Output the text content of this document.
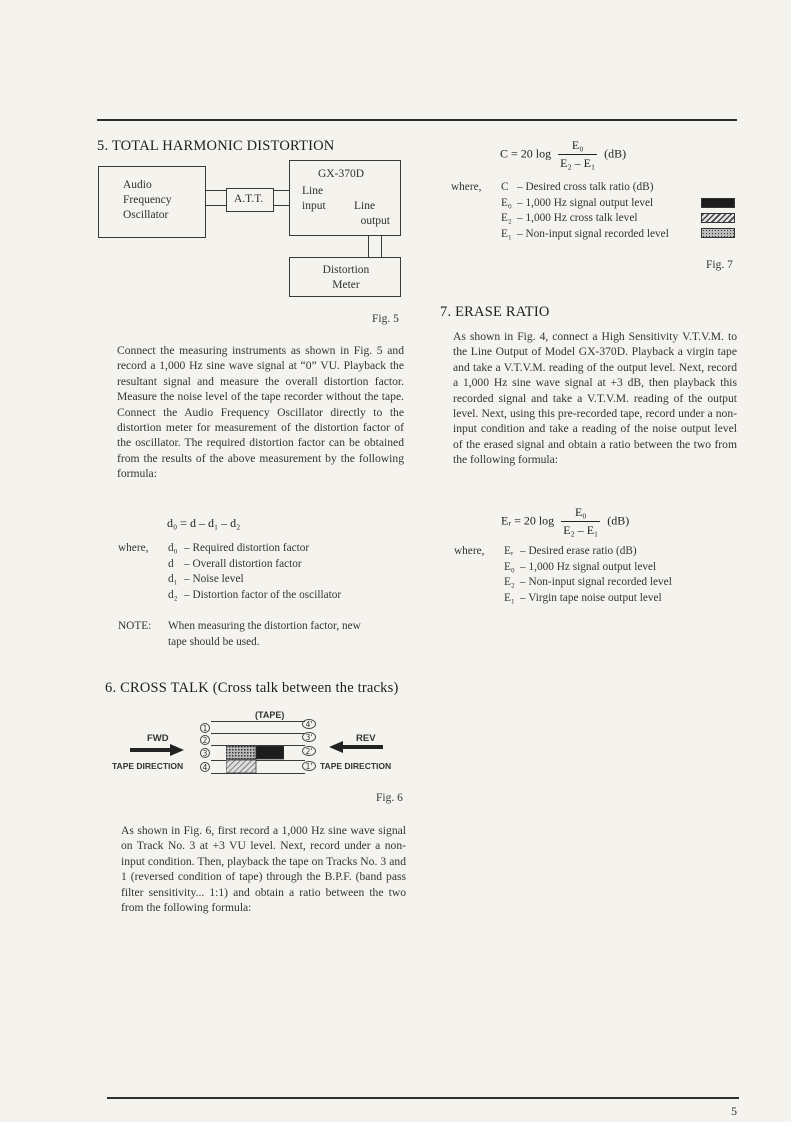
5. TOTAL HARMONIC DISTORTION
Audio
Frequency
Oscillator
A.T.T.
GX-370D
Line
input Line
output
Distortion
Meter
Fig. 5

Connect the measuring instruments as shown in Fig. 5 and record a 1,000 Hz sine wave signal at “0” VU. Playback the resultant signal and measure the overall distortion factor. Measure the noise level of the tape recorder without the tape. Connect the Audio Frequency Oscillator directly to the distortion meter for measurement of the distortion factor of the oscillator. The required distortion factor can be obtained from the results of the above measurement by the following formula:

d₀ = d – d₁ – d₂
where, d₀ – Required distortion factor
d – Overall distortion factor
d₁ – Noise level
d₂ – Distortion factor of the oscillator
NOTE: When measuring the distortion factor, new
tape should be used.
6. CROSS TALK (Cross talk between the tracks)
(TAPE)
1
2
3
4
4'
3'
2'
1'
FWD
TAPE DIRECTION
REV
TAPE DIRECTION
Fig. 6

As shown in Fig. 6, first record a 1,000 Hz sine wave signal on Track No. 3 at +3 VU level. Next, record under a non-input condition. Then, playback the tape on Tracks No. 3 and 1 (reversed condition of tape) through the B.P.F. (band pass filter sensitivity... 1:1) and obtain a ratio between the two from the following formula:

C = 20 $\log \frac{\text{E₀}}{\text{E₂ – E₁}} (dB)$
where, C – Desired cross talk ratio (dB)
E₀ – 1,000 Hz signal output level
E₂ – 1,000 Hz cross talk level
E₁ – Non-input signal recorded level
Fig. 7
7. ERASE RATIO

As shown in Fig. 4, connect a High Sensitivity V.T.V.M. to the Line Output of Model GX-370D. Playback a virgin tape and take a V.T.V.M. reading of the output level. Next, record a 1,000 Hz sine wave signal at +3 dB, then playback this recorded signal and take a V.T.V.M. reading of the output level. Next, using this pre-recorded tape, record under a non-input condition and take a reading of the noise output level of the erased signal and obtain a ratio between the two from the following formula:

Eᵣ = 20 $\log \frac{\text{E₀}}{\text{E₂ – E₁}} (dB)$
where, Eᵣ – Desired erase ratio (dB)
E₀ – 1,000 Hz signal output level
E₂ – Non-input signal recorded level
E₁ – Virgin tape noise output level
5
